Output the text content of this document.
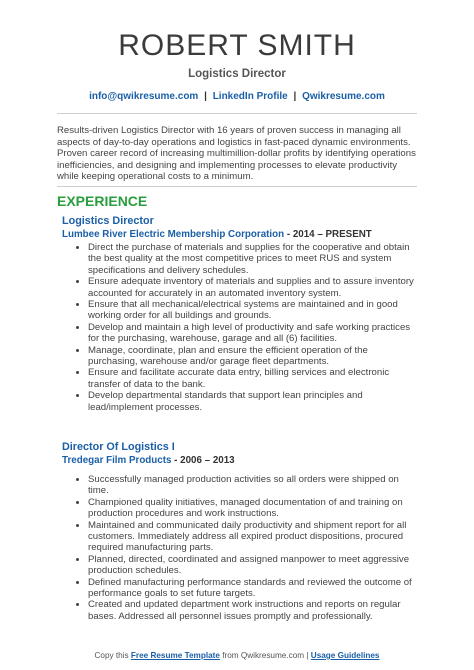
ROBERT SMITH
Logistics Director
info@qwikresume.com | LinkedIn Profile | Qwikresume.com
Results-driven Logistics Director with 16 years of proven success in managing all aspects of day-to-day operations and logistics in fast-paced dynamic environments. Proven career record of increasing multimillion-dollar profits by identifying operations inefficiencies, and designing and implementing processes to elevate productivity while keeping operational costs to a minimum.
EXPERIENCE
Logistics Director
Lumbee River Electric Membership Corporation - 2014 – PRESENT
• Direct the purchase of materials and supplies for the cooperative and obtain the best quality at the most competitive prices to meet RUS and system specifications and delivery schedules.
• Ensure adequate inventory of materials and supplies and to assure inventory accounted for accurately in an automated inventory system.
• Ensure that all mechanical/electrical systems are maintained and in good working order for all buildings and grounds.
• Develop and maintain a high level of productivity and safe working practices for the purchasing, warehouse, garage and all (6) facilities.
• Manage, coordinate, plan and ensure the efficient operation of the purchasing, warehouse and/or garage fleet departments.
• Ensure and facilitate accurate data entry, billing services and electronic transfer of data to the bank.
• Develop departmental standards that support lean principles and lead/implement processes.
Director Of Logistics I
Tredegar Film Products - 2006 – 2013
• Successfully managed production activities so all orders were shipped on time.
• Championed quality initiatives, managed documentation of and training on production procedures and work instructions.
• Maintained and communicated daily productivity and shipment report for all customers. Immediately address all expired product dispositions, procured required manufacturing parts.
• Planned, directed, coordinated and assigned manpower to meet aggressive production schedules.
• Defined manufacturing performance standards and reviewed the outcome of performance goals to set future targets.
• Created and updated department work instructions and reports on regular bases. Addressed all personnel issues promptly and professionally.
Copy this Free Resume Template from Qwikresume.com | Usage Guidelines
